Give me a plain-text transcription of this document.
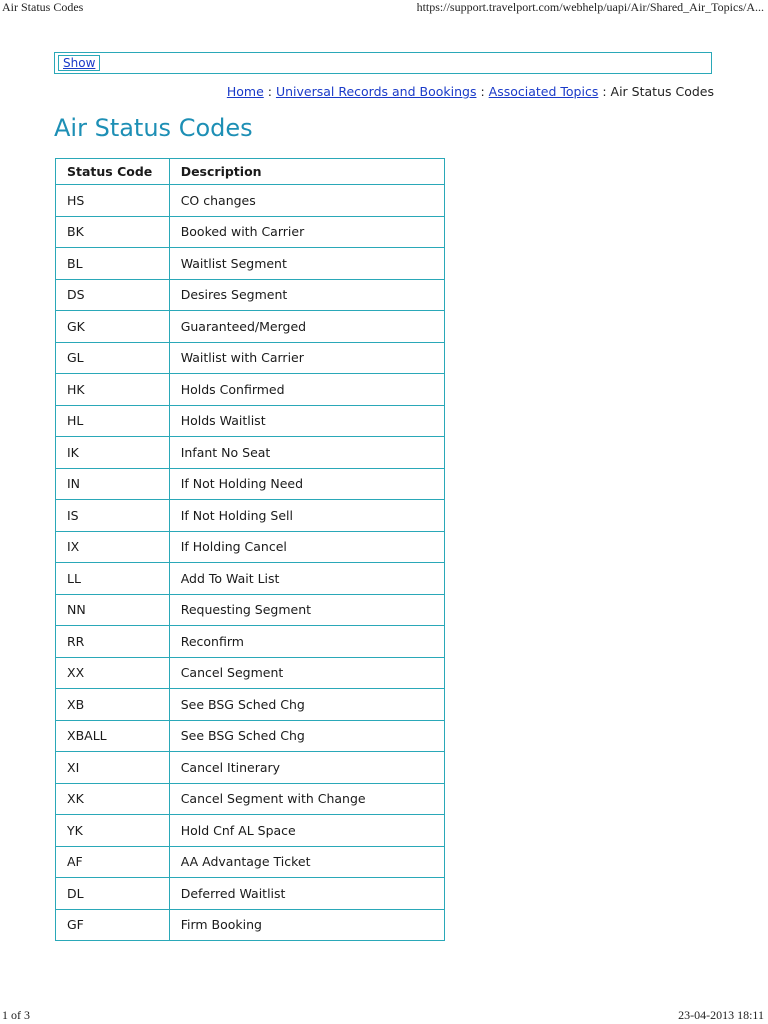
Air Status Codes	https://support.travelport.com/webhelp/uapi/Air/Shared_Air_Topics/A...
Show
Home : Universal Records and Bookings : Associated Topics : Air Status Codes
Air Status Codes
Status Code	Description
HS	CO changes
BK	Booked with Carrier
BL	Waitlist Segment
DS	Desires Segment
GK	Guaranteed/Merged
GL	Waitlist with Carrier
HK	Holds Confirmed
HL	Holds Waitlist
IK	Infant No Seat
IN	If Not Holding Need
IS	If Not Holding Sell
IX	If Holding Cancel
LL	Add To Wait List
NN	Requesting Segment
RR	Reconfirm
XX	Cancel Segment
XB	See BSG Sched Chg
XBALL	See BSG Sched Chg
XI	Cancel Itinerary
XK	Cancel Segment with Change
YK	Hold Cnf AL Space
AF	AA Advantage Ticket
DL	Deferred Waitlist
GF	Firm Booking
1 of 3	23-04-2013 18:11
